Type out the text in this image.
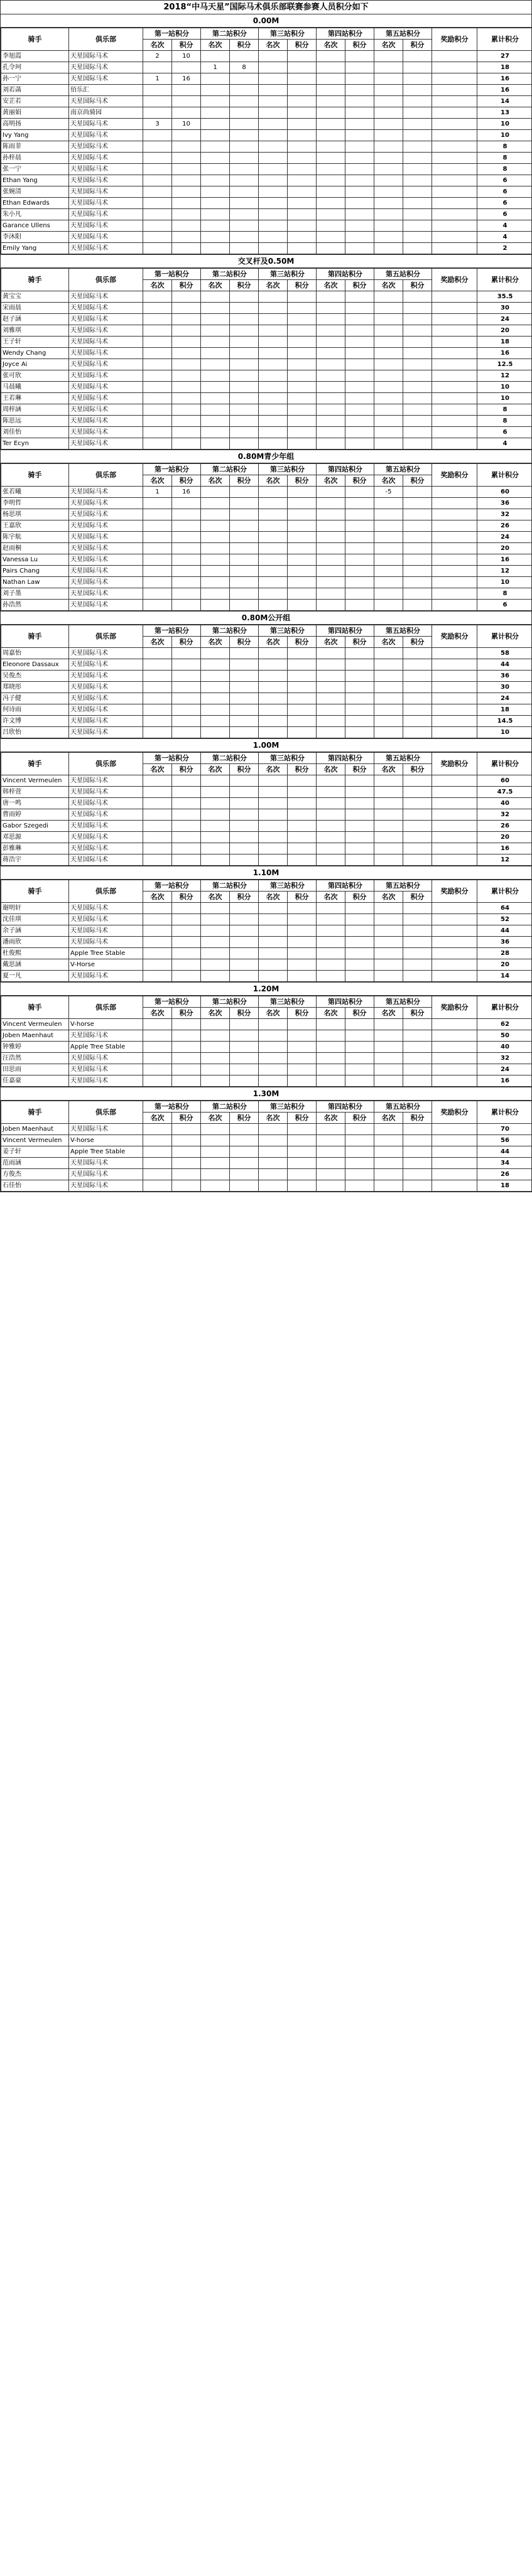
2018“中马天星”国际马术俱乐部联赛参赛人员积分如下
0.00M
骑手	俱乐部	第一站积分		第二站积分		第三站积分		第四站积分		第五站积分		奖励积分	累计积分
		名次	积分	名次	积分	名次	积分	名次	积分	名次	积分		
李旭霞	天星国际马术	2	10										27
孔令珂	天星国际马术			1	8								18
孙一宁	天星国际马术	1	16										16
刘若菡	佰乐汇												16
安芷若	天星国际马术												14
黄丽娟	南京尚骑园												13
高明扬	天星国际马术	3	10										10
Ivy Yang	天星国际马术												10
陈雨菲	天星国际马术												8
孙梓晨	天星国际马术												8
张一宁	天星国际马术												8
Ethan Yang	天星国际马术												6
张婉清	天星国际马术												6
Ethan Edwards	天星国际马术												6
朱小凡	天星国际马术												6
Garance Ullens	天星国际马术												4
李沐阳	天星国际马术												4
Emily Yang	天星国际马术												2
交叉杆及0.50M
骑手	俱乐部	第一站积分		第二站积分		第三站积分		第四站积分		第五站积分		奖励积分	累计积分
		名次	积分	名次	积分	名次	积分	名次	积分	名次	积分		
黄宝宝	天星国际马术												35.5
宋雨晨	天星国际马术												30
赵子涵	天星国际马术												24
刘雅琪	天星国际马术												20
王子轩	天星国际马术												18
Wendy Chang	天星国际马术												16
Joyce Ai	天星国际马术												12.5
张可欣	天星国际马术												12
马晨曦	天星国际马术												10
王若琳	天星国际马术												10
周梓涵	天星国际马术												8
陈思远	天星国际马术												8
刘佳怡	天星国际马术												6
Ter Ecyn	天星国际马术												4
0.80M青少年组
骑手	俱乐部	第一站积分		第二站积分		第三站积分		第四站积分		第五站积分		奖励积分	累计积分
		名次	积分	名次	积分	名次	积分	名次	积分	名次	积分		
张若曦	天星国际马术	1	16							-5			60
李明哲	天星国际马术												36
杨思琪	天星国际马术												32
王嘉欣	天星国际马术												26
陈宇航	天星国际马术												24
赵雨桐	天星国际马术												20
Vanessa Lu	天星国际马术												16
Pairs Chang	天星国际马术												12
Nathan Law	天星国际马术												10
刘子墨	天星国际马术												8
孙浩然	天星国际马术												6
0.80M公开组
骑手	俱乐部	第一站积分		第二站积分		第三站积分		第四站积分		第五站积分		奖励积分	累计积分
		名次	积分	名次	积分	名次	积分	名次	积分	名次	积分		
周嘉怡	天星国际马术												58
Eleonore Dassaux	天星国际马术												44
吴俊杰	天星国际马术												36
郑晓彤	天星国际马术												30
冯子健	天星国际马术												24
何诗雨	天星国际马术												18
许文博	天星国际马术												14.5
吕欣怡	天星国际马术												10
1.00M
骑手	俱乐部	第一站积分		第二站积分		第三站积分		第四站积分		第五站积分		奖励积分	累计积分
		名次	积分	名次	积分	名次	积分	名次	积分	名次	积分		
Vincent Vermeulen	天星国际马术												60
韩梓萱	天星国际马术												47.5
唐一鸣	天星国际马术												40
曹雨婷	天星国际马术												32
Gabor Szegedi	天星国际马术												26
邓思源	天星国际马术												20
彭雅琳	天星国际马术												16
蒋浩宇	天星国际马术												12
1.10M
骑手	俱乐部	第一站积分		第二站积分		第三站积分		第四站积分		第五站积分		奖励积分	累计积分
		名次	积分	名次	积分	名次	积分	名次	积分	名次	积分		
谢明轩	天星国际马术												64
沈佳琪	天星国际马术												52
余子涵	天星国际马术												44
潘雨欣	天星国际马术												36
杜俊熙	Apple Tree Stable												28
戴思涵	V-Horse												20
夏一凡	天星国际马术												14
1.20M
骑手	俱乐部	第一站积分		第二站积分		第三站积分		第四站积分		第五站积分		奖励积分	累计积分
		名次	积分	名次	积分	名次	积分	名次	积分	名次	积分		
Vincent Vermeulen	V-horse												62
Joben Maenhaut	天星国际马术												50
钟雅婷	Apple Tree Stable												40
汪浩然	天星国际马术												32
田思雨	天星国际马术												24
任嘉豪	天星国际马术												16
1.30M
骑手	俱乐部	第一站积分		第二站积分		第三站积分		第四站积分		第五站积分		奖励积分	累计积分
		名次	积分	名次	积分	名次	积分	名次	积分	名次	积分		
Joben Maenhaut	天星国际马术												70
Vincent Vermeulen	V-horse												56
姜子轩	Apple Tree Stable												44
范雨涵	天星国际马术												34
方俊杰	天星国际马术												26
石佳怡	天星国际马术												18
